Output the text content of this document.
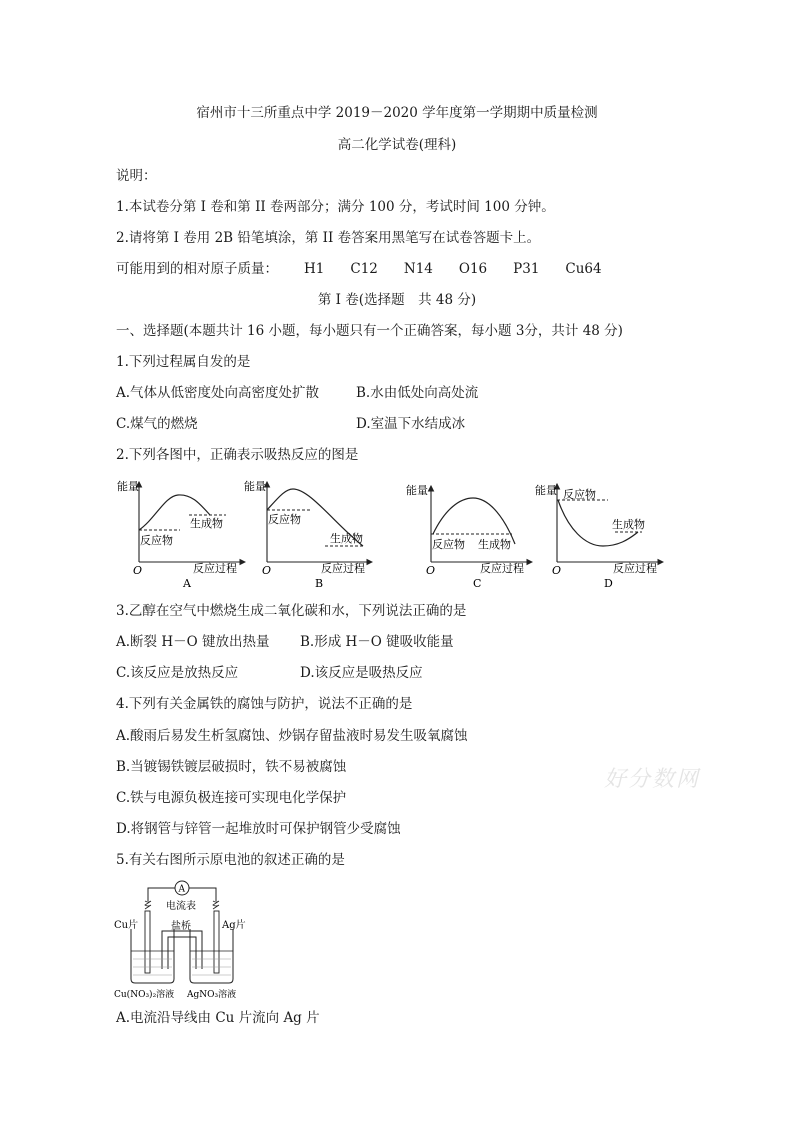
宿州市十三所重点中学 2019－2020 学年度第一学期期中质量检测
高二化学试卷(理科)
说明：
1.本试卷分第 I 卷和第 II 卷两部分；满分 100 分，考试时间 100 分钟。
2.请将第 I 卷用 2B 铅笔填涂，第 II 卷答案用黑笔写在试卷答题卡上。
可能用到的相对原子质量： H1 C12 N14 O16 P31 Cu64
第 I 卷(选择题　共 48 分)
一、选择题(本题共计 16 小题，每小题只有一个正确答案，每小题 3分，共计 48 分)
1.下列过程属自发的是
A.气体从低密度处向高密度处扩散	B.水由低处向高处流
C.煤气的燃烧	D.室温下水结成冰
2.下列各图中，正确表示吸热反应的图是
能量
O	反应过程
A
反应物
生成物
能量
O	反应过程
B
反应物
生成物
能量
O	反应过程
C
反应物 生成物
能量
O	反应过程
D
反应物
生成物
3.乙醇在空气中燃烧生成二氧化碳和水，下列说法正确的是
A.断裂 H－O 键放出热量 B.形成 H－O 键吸收能量
C.该反应是放热反应	D.该反应是吸热反应
4.下列有关金属铁的腐蚀与防护，说法不正确的是
A.酸雨后易发生析氢腐蚀、炒锅存留盐液时易发生吸氧腐蚀
B.当镀锡铁镀层破损时，铁不易被腐蚀
C.铁与电源负极连接可实现电化学保护
D.将钢管与锌管一起堆放时可保护钢管少受腐蚀
好分数网
5.有关右图所示原电池的叙述正确的是
A
电流表
Cu片	Ag片
盐桥
Cu(NO₃)₂溶液 AgNO₃溶液
A.电流沿导线由 Cu 片流向 Ag 片
